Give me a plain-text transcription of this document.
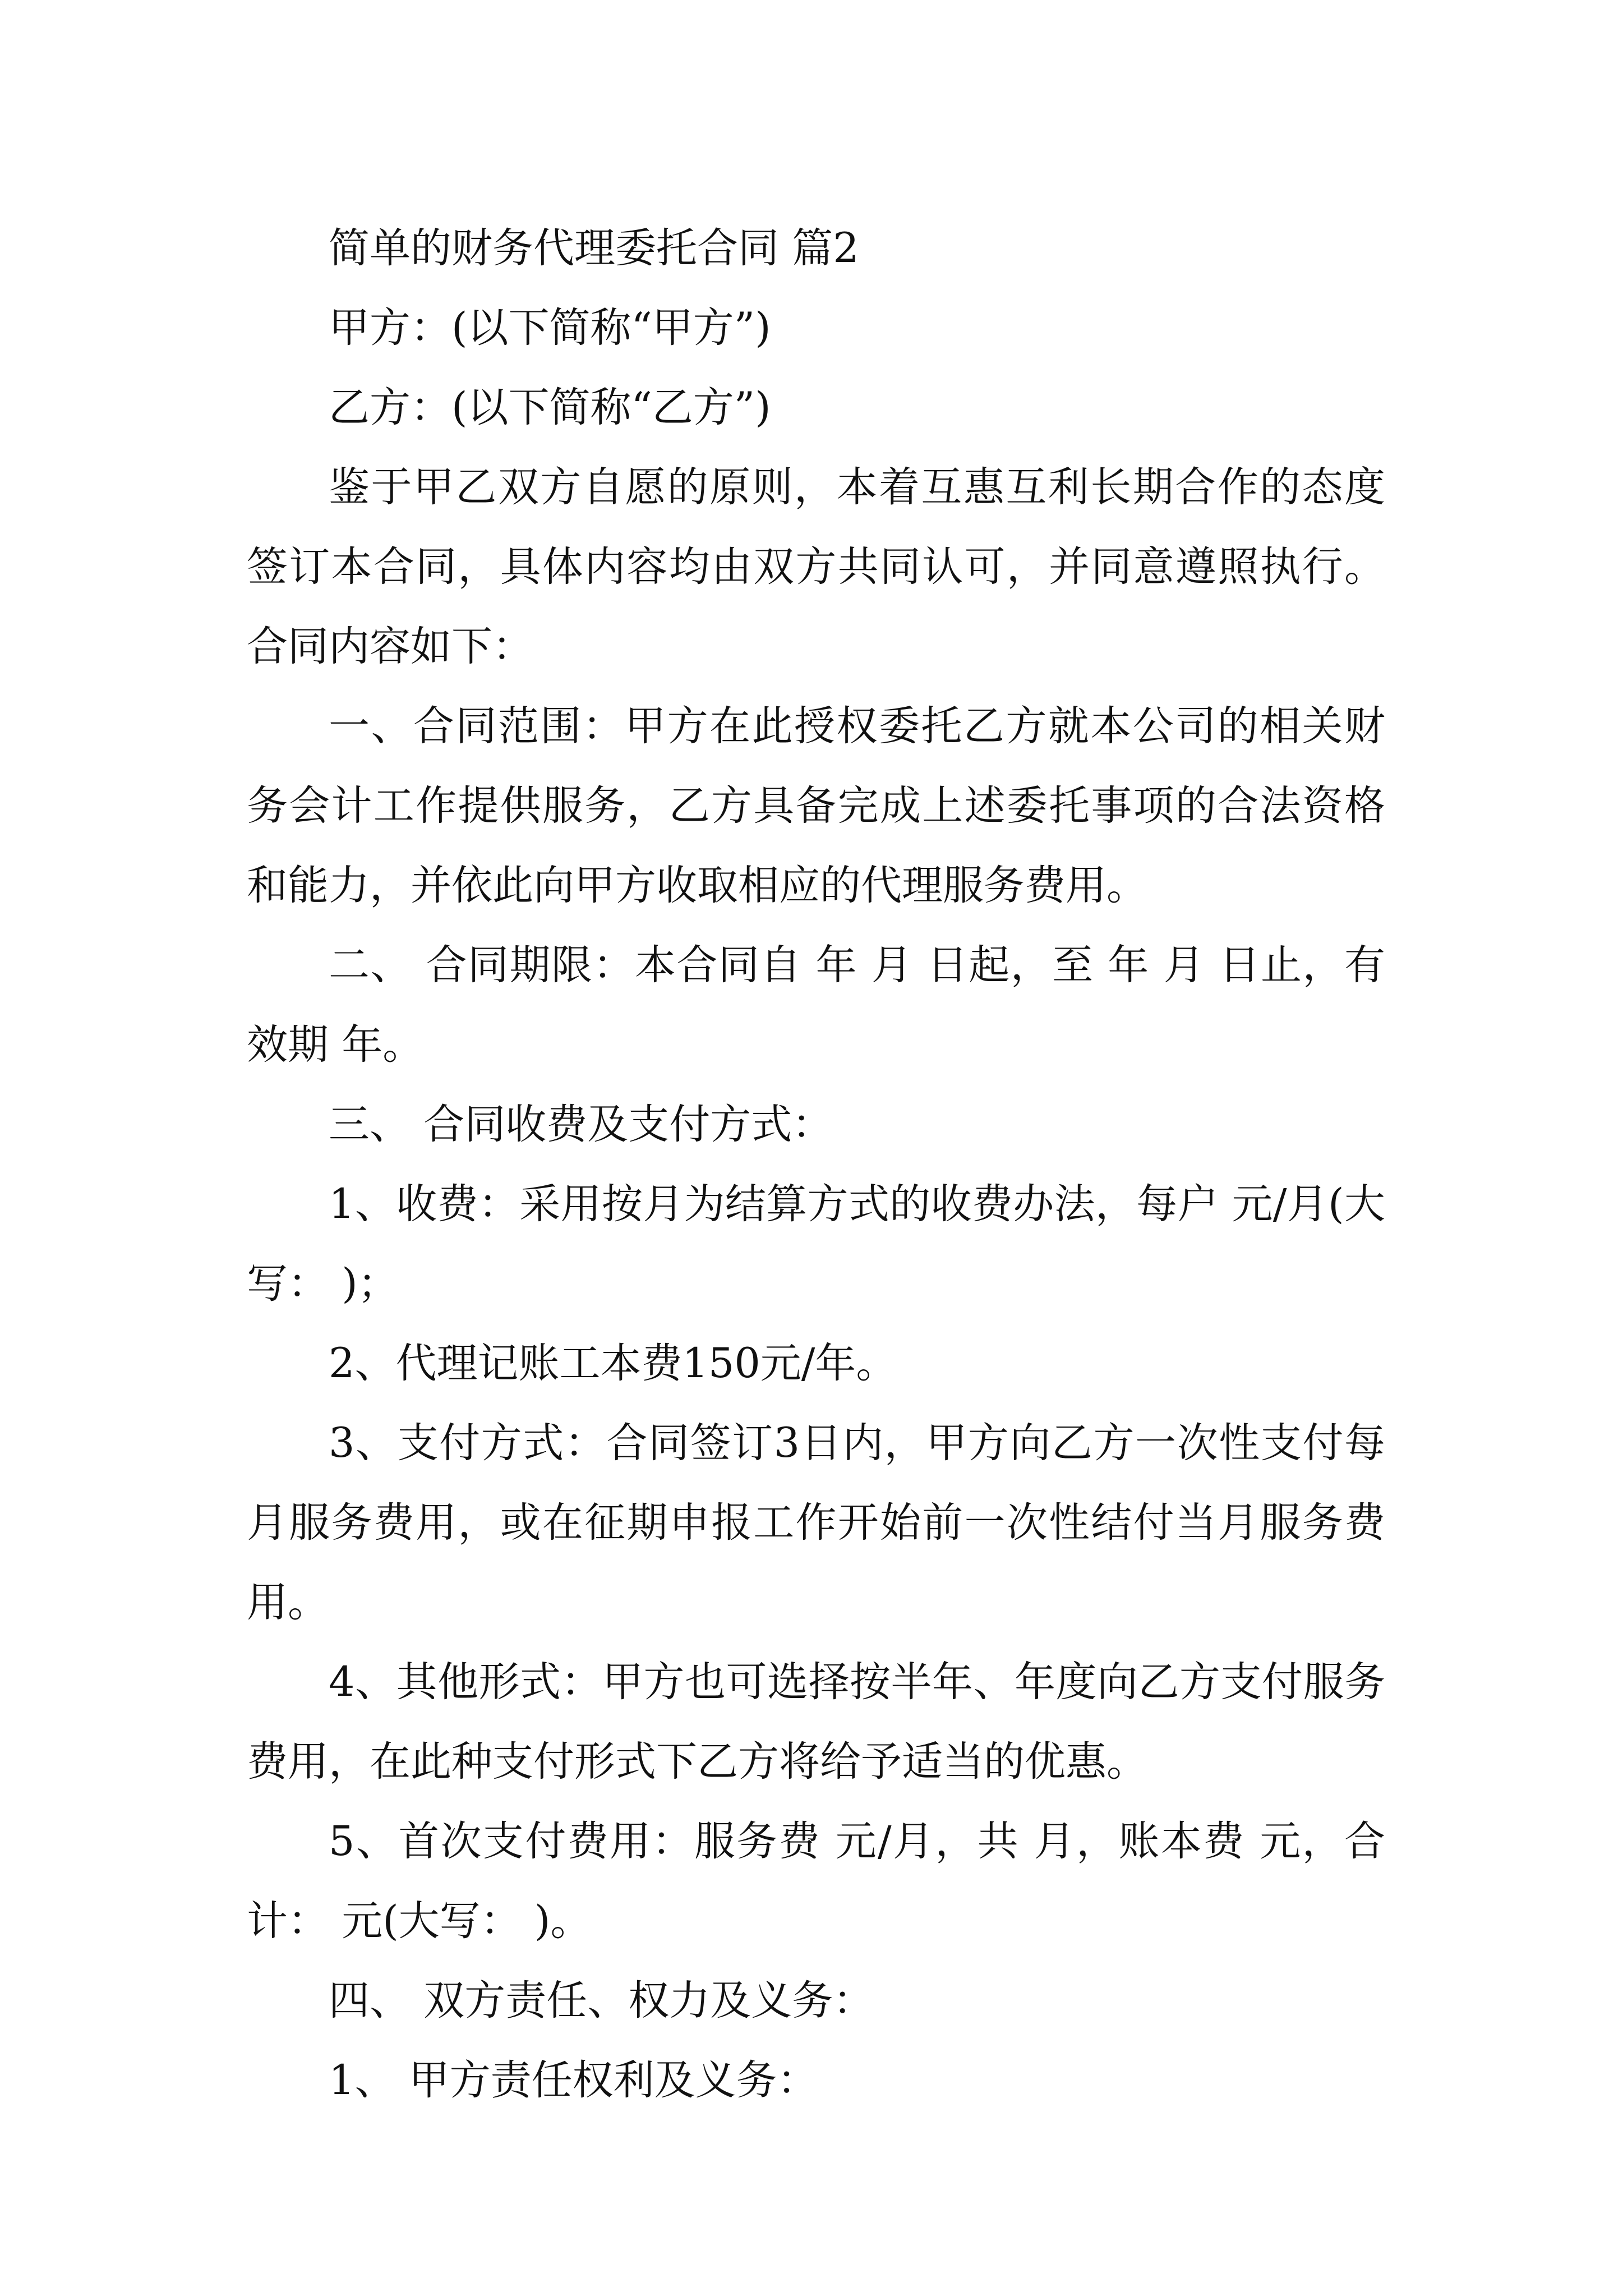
简单的财务代理委托合同 篇2

甲方：(以下简称“甲方”)

乙方：(以下简称“乙方”)

鉴于甲乙双方自愿的原则，本着互惠互利长期合作的态度签订本合同，具体内容均由双方共同认可，并同意遵照执行。合同内容如下：

一、合同范围：甲方在此授权委托乙方就本公司的相关财务会计工作提供服务，乙方具备完成上述委托事项的合法资格和能力，并依此向甲方收取相应的代理服务费用。

二、 合同期限：本合同自 年 月 日起，至 年 月 日止，有效期 年。

三、 合同收费及支付方式：

1、收费：采用按月为结算方式的收费办法，每户 元/月(大写： )；

2、代理记账工本费150元/年。

3、支付方式：合同签订3日内，甲方向乙方一次性支付每月服务费用，或在征期申报工作开始前一次性结付当月服务费用。

4、其他形式：甲方也可选择按半年、年度向乙方支付服务费用，在此种支付形式下乙方将给予适当的优惠。

5、首次支付费用：服务费 元/月，共 月，账本费 元，合计： 元(大写： )。

四、 双方责任、权力及义务：

1、 甲方责任权利及义务：
